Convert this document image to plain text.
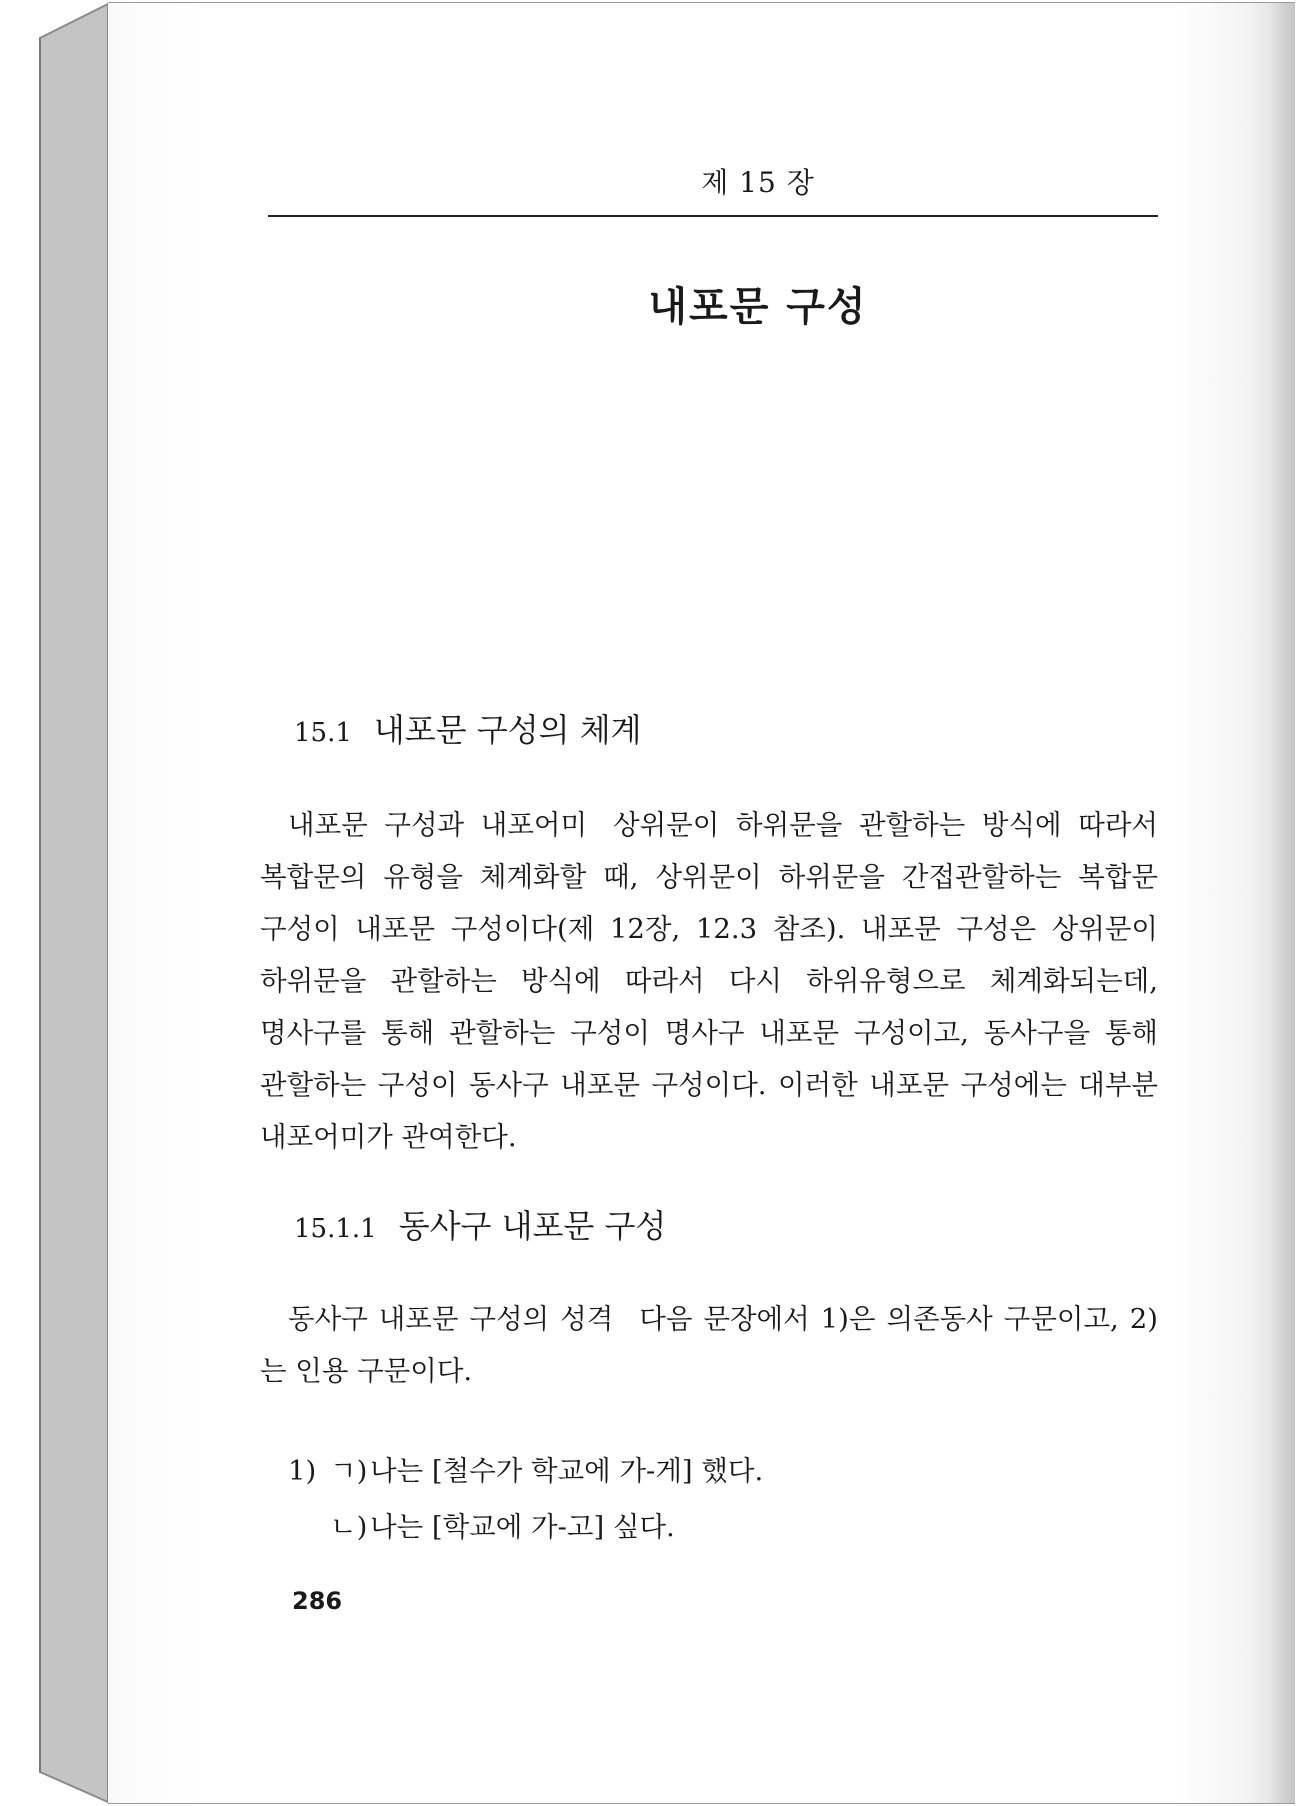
제 15 장
내포문 구성
15.1 내포문 구성의 체계
내포문 구성과 내포어미 상위문이 하위문을 관할하는 방식에 따라서 복합문의 유형을 체계화할 때, 상위문이 하위문을 간접관할하는 복합문 구성이 내포문 구성이다(제 12장, 12.3 참조). 내포문 구성은 상위문이 하위문을 관할하는 방식에 따라서 다시 하위유형으로 체계화되는데, 명사구를 통해 관할하는 구성이 명사구 내포문 구성이고, 동사구을 통해 관할하는 구성이 동사구 내포문 구성이다. 이러한 내포문 구성에는 대부분 내포어미가 관여한다.
15.1.1 동사구 내포문 구성
동사구 내포문 구성의 성격 다음 문장에서 1)은 의존동사 구문이고, 2)는 인용 구문이다.
1) ㄱ)나는 [철수가 학교에 가-게] 했다.
ㄴ)나는 [학교에 가-고] 싶다.
286
